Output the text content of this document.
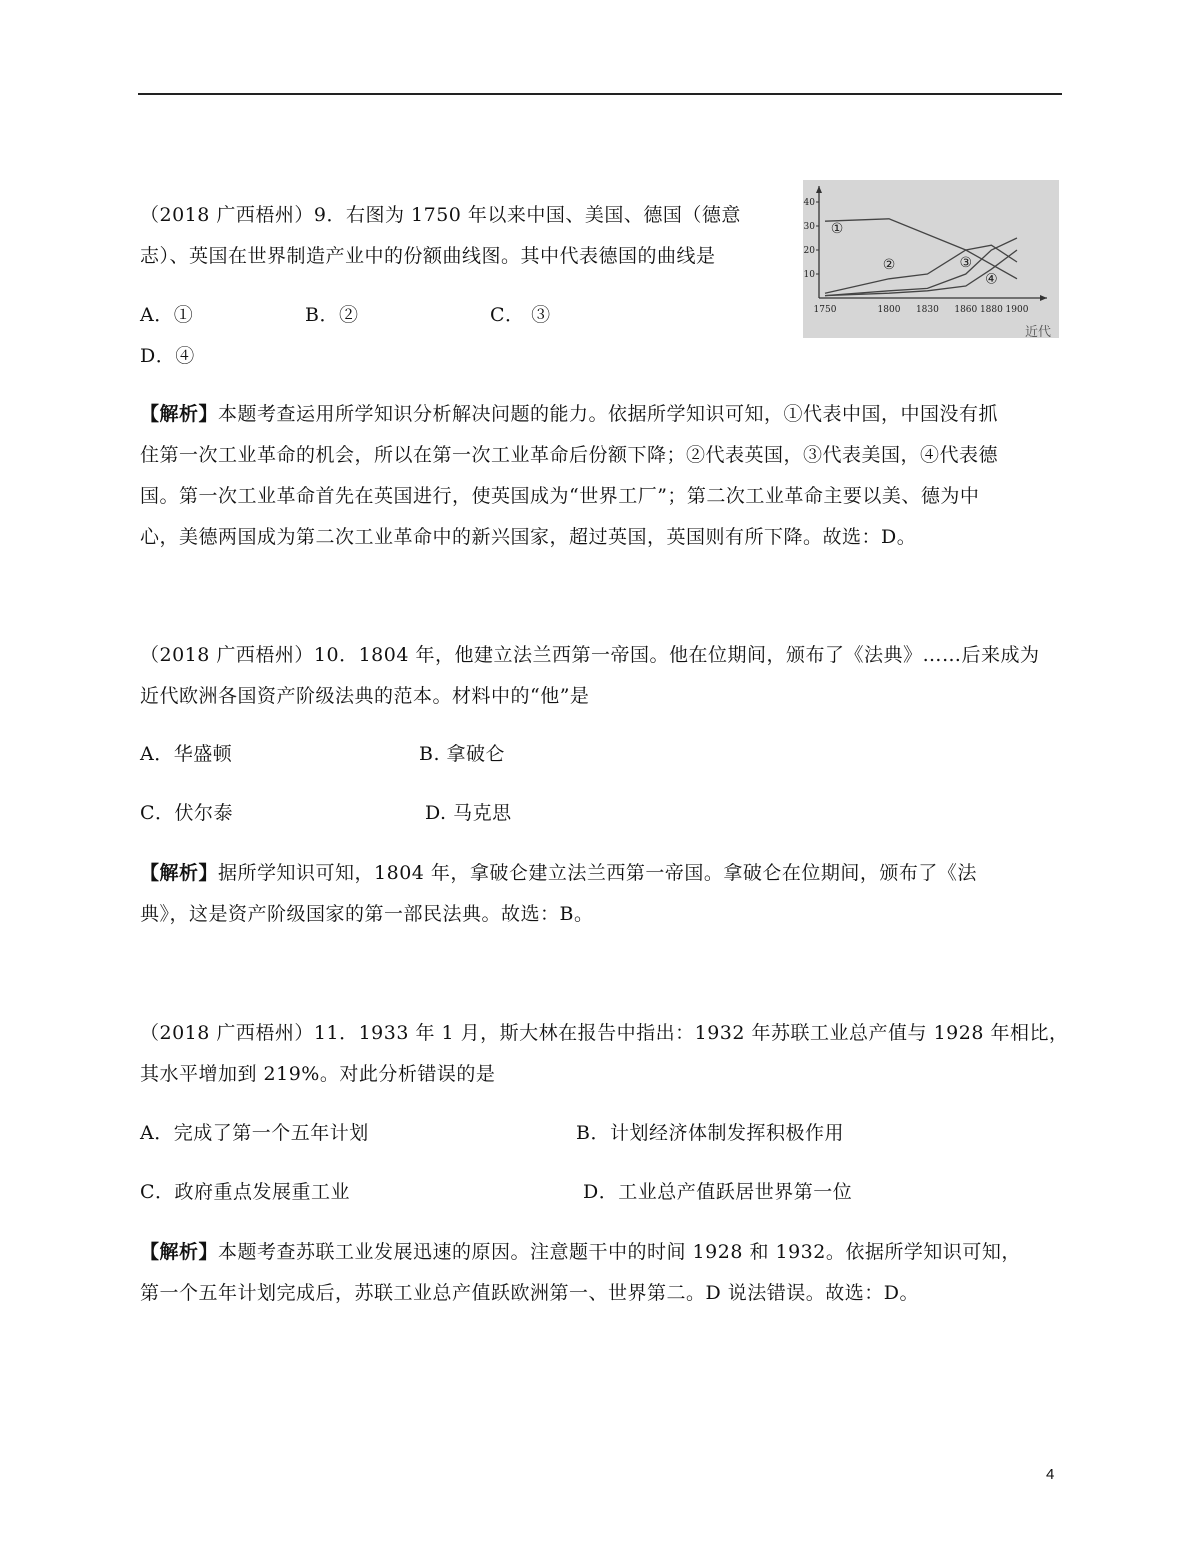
（2018 广西梧州）9．右图为 1750 年以来中国、美国、德国（德意
志）、英国在世界制造产业中的份额曲线图。其中代表德国的曲线是
A．①	B．②	C． ③
D．④
10
20
30
40
1750	1800 1830 1860 1880 1900
①
②	③
④
近代
【解析】本题考查运用所学知识分析解决问题的能力。依据所学知识可知，①代表中国，中国没有抓
住第一次工业革命的机会，所以在第一次工业革命后份额下降；②代表英国，③代表美国，④代表德
国。第一次工业革命首先在英国进行，使英国成为“世界工厂”；第二次工业革命主要以美、德为中
心，美德两国成为第二次工业革命中的新兴国家，超过英国，英国则有所下降。故选：D。
（2018 广西梧州）10．1804 年，他建立法兰西第一帝国。他在位期间，颁布了《法典》……后来成为
近代欧洲各国资产阶级法典的范本。材料中的“他”是
A．华盛顿	B. 拿破仑
C．伏尔泰	D. 马克思
【解析】据所学知识可知，1804 年，拿破仑建立法兰西第一帝国。拿破仑在位期间，颁布了《法
典》，这是资产阶级国家的第一部民法典。故选：B。
（2018 广西梧州）11．1933 年 1 月，斯大林在报告中指出：1932 年苏联工业总产值与 1928 年相比，
其水平增加到 219%。对此分析错误的是
A．完成了第一个五年计划	B．计划经济体制发挥积极作用
C．政府重点发展重工业	D．工业总产值跃居世界第一位
【解析】本题考查苏联工业发展迅速的原因。注意题干中的时间 1928 和 1932。依据所学知识可知，
第一个五年计划完成后，苏联工业总产值跃欧洲第一、世界第二。D 说法错误。故选：D。
4
